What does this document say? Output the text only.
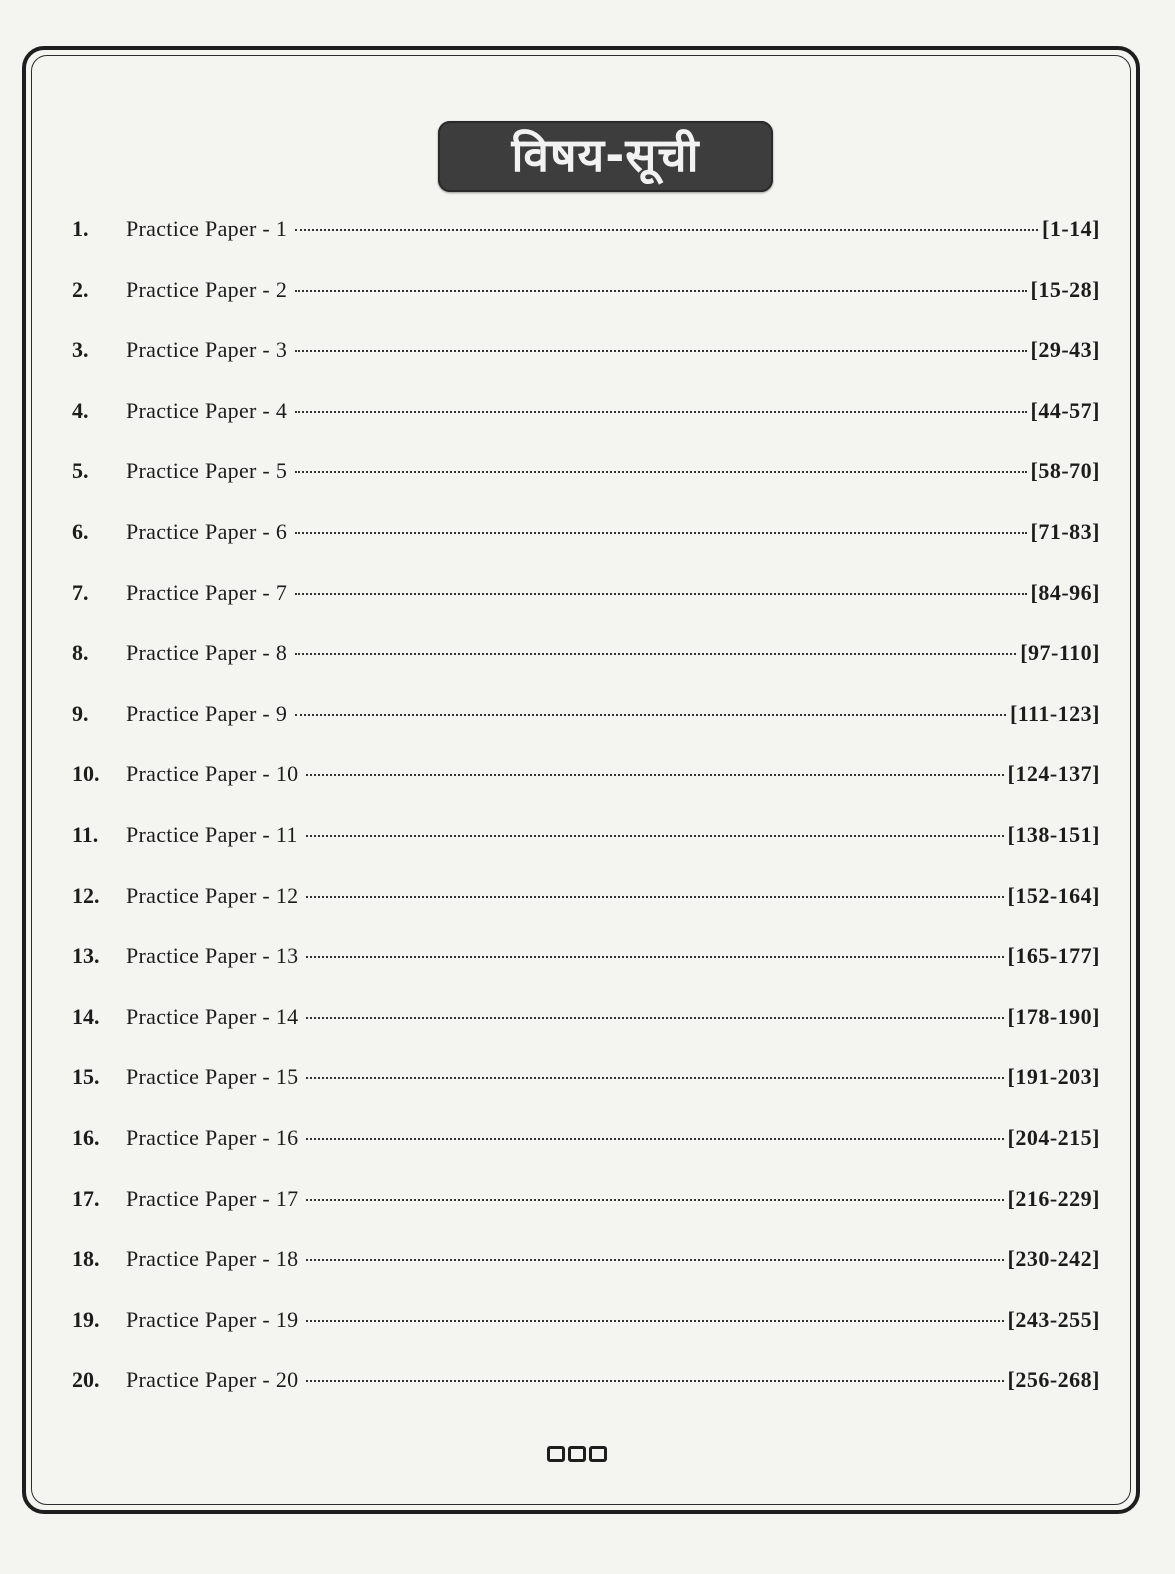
विषय-सूची
1.	Practice Paper - 1	[1-14]
2.	Practice Paper - 2	[15-28]
3.	Practice Paper - 3	[29-43]
4.	Practice Paper - 4	[44-57]
5.	Practice Paper - 5	[58-70]
6.	Practice Paper - 6	[71-83]
7.	Practice Paper - 7	[84-96]
8.	Practice Paper - 8	[97-110]
9.	Practice Paper - 9	[111-123]
10.	Practice Paper - 10	[124-137]
11.	Practice Paper - 11	[138-151]
12.	Practice Paper - 12	[152-164]
13.	Practice Paper - 13	[165-177]
14.	Practice Paper - 14	[178-190]
15.	Practice Paper - 15	[191-203]
16.	Practice Paper - 16	[204-215]
17.	Practice Paper - 17	[216-229]
18.	Practice Paper - 18	[230-242]
19.	Practice Paper - 19	[243-255]
20.	Practice Paper - 20	[256-268]
